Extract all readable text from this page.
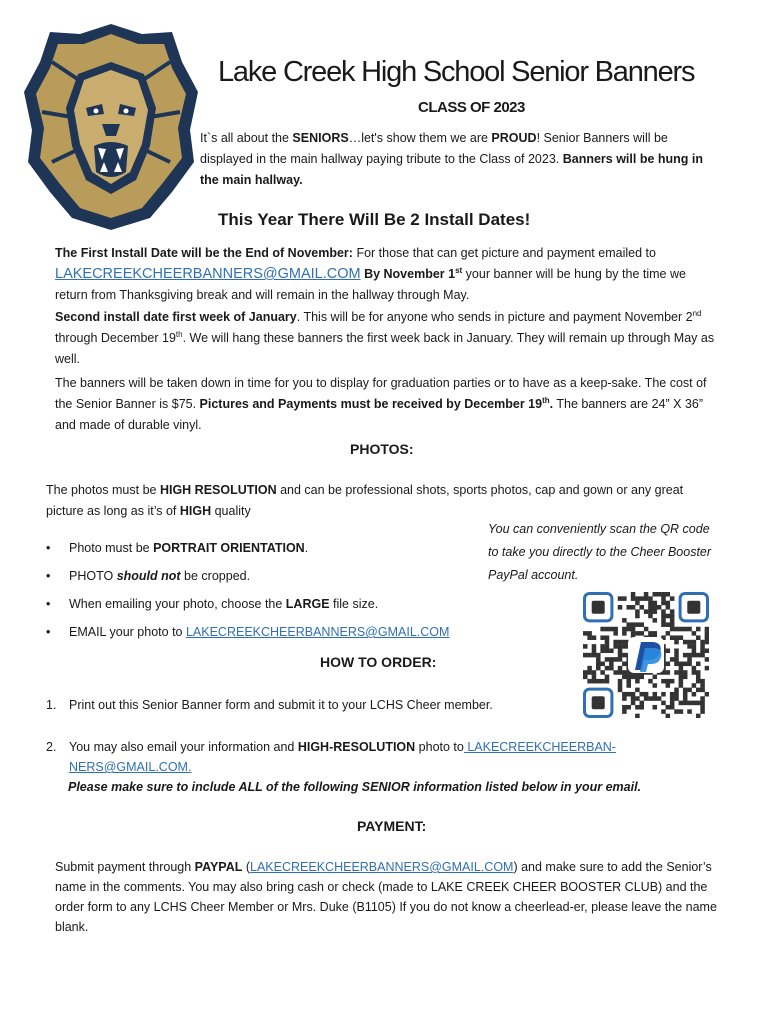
Lake Creek High School Senior Banners
CLASS OF 2023
It`s all about the SENIORS…let's show them we are PROUD! Senior Banners will be displayed in the main hallway paying tribute to the Class of 2023. Banners will be hung in the main hallway.
This Year There Will Be 2 Install Dates!
The First Install Date will be the End of November: For those that can get picture and payment emailed to LAKECREEKCHEERBANNERS@GMAIL.COM By November 1st your banner will be hung by the time we return from Thanksgiving break and will remain in the hallway through May.
Second install date first week of January. This will be for anyone who sends in picture and payment November 2nd through December 19th. We will hang these banners the first week back in January. They will remain up through May as well.
The banners will be taken down in time for you to display for graduation parties or to have as a keep-sake. The cost of the Senior Banner is $75. Pictures and Payments must be received by December 19th. The banners are 24” X 36” and made of durable vinyl.
PHOTOS:
The photos must be HIGH RESOLUTION and can be professional shots, sports photos, cap and gown or any great picture as long as it’s of HIGH quality
• Photo must be PORTRAIT ORIENTATION.
• PHOTO should not be cropped.
• When emailing your photo, choose the LARGE file size.
• EMAIL your photo to LAKECREEKCHEERBANNERS@GMAIL.COM
You can conveniently scan the QR code to take you directly to the Cheer Booster PayPal account.
HOW TO ORDER:
1. Print out this Senior Banner form and submit it to your LCHS Cheer member.
2. You may also email your information and HIGH-RESOLUTION photo to LAKECREEKCHEERBAN-NERS@GMAIL.COM.
Please make sure to include ALL of the following SENIOR information listed below in your email.
PAYMENT:
Submit payment through PAYPAL (LAKECREEKCHEERBANNERS@GMAIL.COM) and make sure to add the Senior’s name in the comments. You may also bring cash or check (made to LAKE CREEK CHEER BOOSTER CLUB) and the order form to any LCHS Cheer Member or Mrs. Duke (B1105) If you do not know a cheerlead-er, please leave the name blank.
